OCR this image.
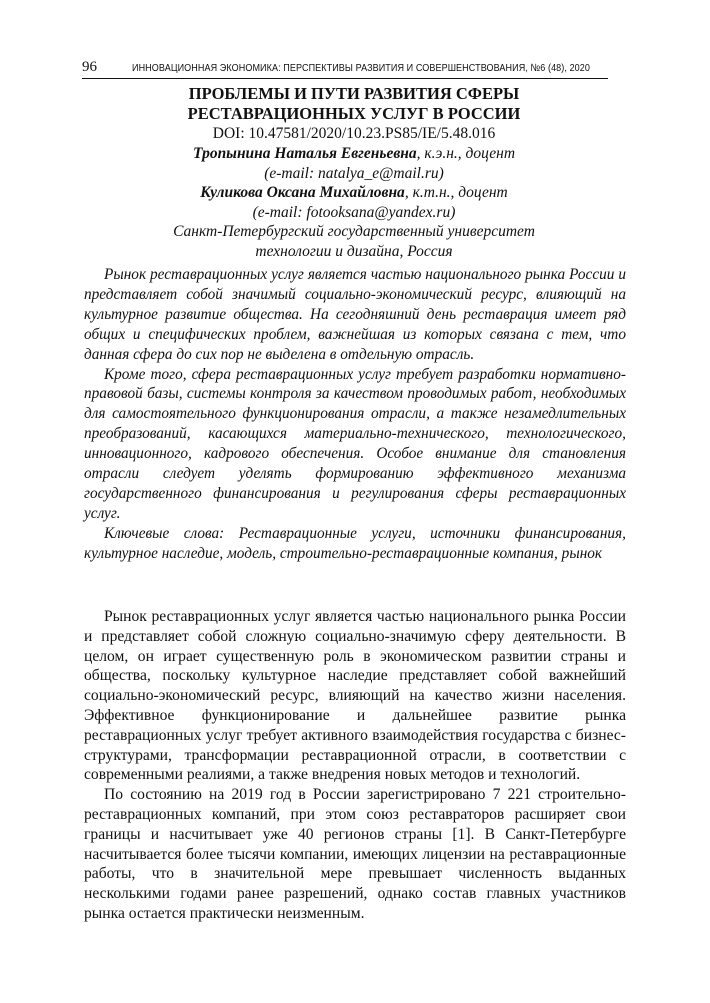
96	ИННОВАЦИОННАЯ ЭКОНОМИКА: ПЕРСПЕКТИВЫ РАЗВИТИЯ И СОВЕРШЕНСТВОВАНИЯ, №6 (48), 2020
ПРОБЛЕМЫ И ПУТИ РАЗВИТИЯ СФЕРЫ
РЕСТАВРАЦИОННЫХ УСЛУГ В РОССИИ
DOI: 10.47581/2020/10.23.PS85/IE/5.48.016
Тропынина Наталья Евгеньевна, к.э.н., доцент
(e-mail: natalya_e@mail.ru)
Куликова Оксана Михайловна, к.т.н., доцент
(e-mail: fotooksana@yandex.ru)
Санкт-Петербургский государственный университет
технологии и дизайна, Россия

Рынок реставрационных услуг является частью национального рынка России и представляет собой значимый социально-экономический ресурс, влияющий на культурное развитие общества. На сегодняшний день реставрация имеет ряд общих и специфических проблем, важнейшая из которых связана с тем, что данная сфера до сих пор не выделена в отдельную отрасль.

Кроме того, сфера реставрационных услуг требует разработки нормативно-правовой базы, системы контроля за качеством проводимых работ, необходимых для самостоятельного функционирования отрасли, а также незамедлительных преобразований, касающихся материально-технического, технологического, инновационного, кадрового обеспечения. Особое внимание для становления отрасли следует уделять формированию эффективного механизма государственного финансирования и регулирования сферы реставрационных услуг.

Ключевые слова: Реставрационные услуги, источники финансирования, культурное наследие, модель, строительно-реставрационные компания, рынок

Рынок реставрационных услуг является частью национального рынка России и представляет собой сложную социально-значимую сферу деятельности. В целом, он играет существенную роль в экономическом развитии страны и общества, поскольку культурное наследие представляет собой важнейший социально-экономический ресурс, влияющий на качество жизни населения. Эффективное функционирование и дальнейшее развитие рынка реставрационных услуг требует активного взаимодействия государства с бизнес-структурами, трансформации реставрационной отрасли, в соответствии с современными реалиями, а также внедрения новых методов и технологий.

По состоянию на 2019 год в России зарегистрировано 7 221 строительно-реставрационных компаний, при этом союз реставраторов расширяет свои границы и насчитывает уже 40 регионов страны [1]. В Санкт-Петербурге насчитывается более тысячи компании, имеющих лицензии на реставрационные работы, что в значительной мере превышает численность выданных несколькими годами ранее разрешений, однако состав главных участников рынка остается практически неизменным.
